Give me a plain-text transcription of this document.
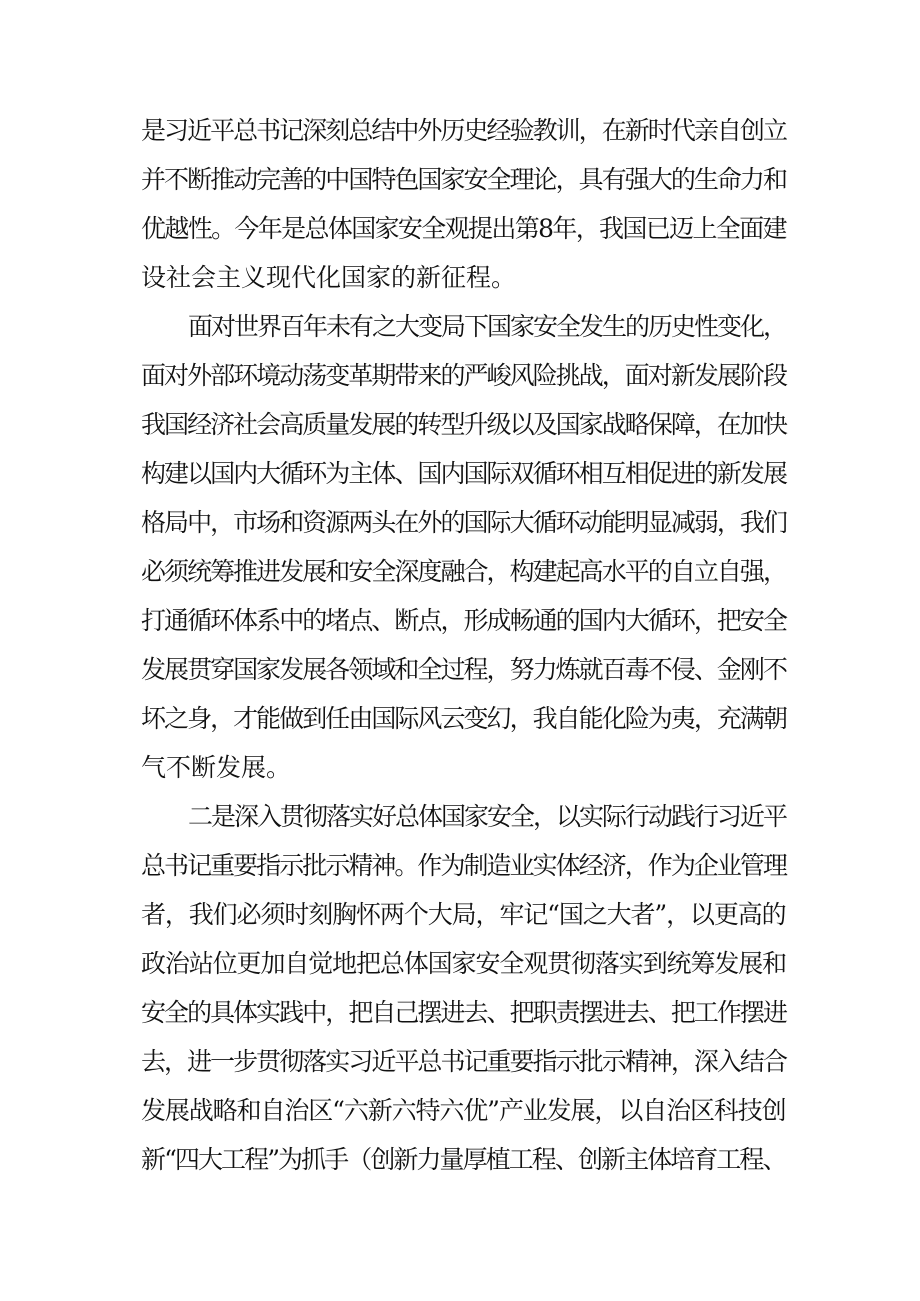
是习近平总书记深刻总结中外历史经验教训，在新时代亲自创立
并不断推动完善的中国特色国家安全理论，具有强大的生命力和
优越性。今年是总体国家安全观提出第8年，我国已迈上全面建
设社会主义现代化国家的新征程。
面对世界百年未有之大变局下国家安全发生的历史性变化，
面对外部环境动荡变革期带来的严峻风险挑战，面对新发展阶段
我国经济社会高质量发展的转型升级以及国家战略保障，在加快
构建以国内大循环为主体、国内国际双循环相互相促进的新发展
格局中，市场和资源两头在外的国际大循环动能明显减弱，我们
必须统筹推进发展和安全深度融合，构建起高水平的自立自强，
打通循环体系中的堵点、断点，形成畅通的国内大循环，把安全
发展贯穿国家发展各领域和全过程，努力炼就百毒不侵、金刚不
坏之身，才能做到任由国际风云变幻，我自能化险为夷，充满朝
气不断发展。
二是深入贯彻落实好总体国家安全，以实际行动践行习近平
总书记重要指示批示精神。作为制造业实体经济，作为企业管理
者，我们必须时刻胸怀两个大局，牢记“国之大者”，以更高的
政治站位更加自觉地把总体国家安全观贯彻落实到统筹发展和
安全的具体实践中，把自己摆进去、把职责摆进去、把工作摆进
去，进一步贯彻落实习近平总书记重要指示批示精神，深入结合
发展战略和自治区“六新六特六优”产业发展，以自治区科技创
新“四大工程”为抓手（创新力量厚植工程、创新主体培育工程、
